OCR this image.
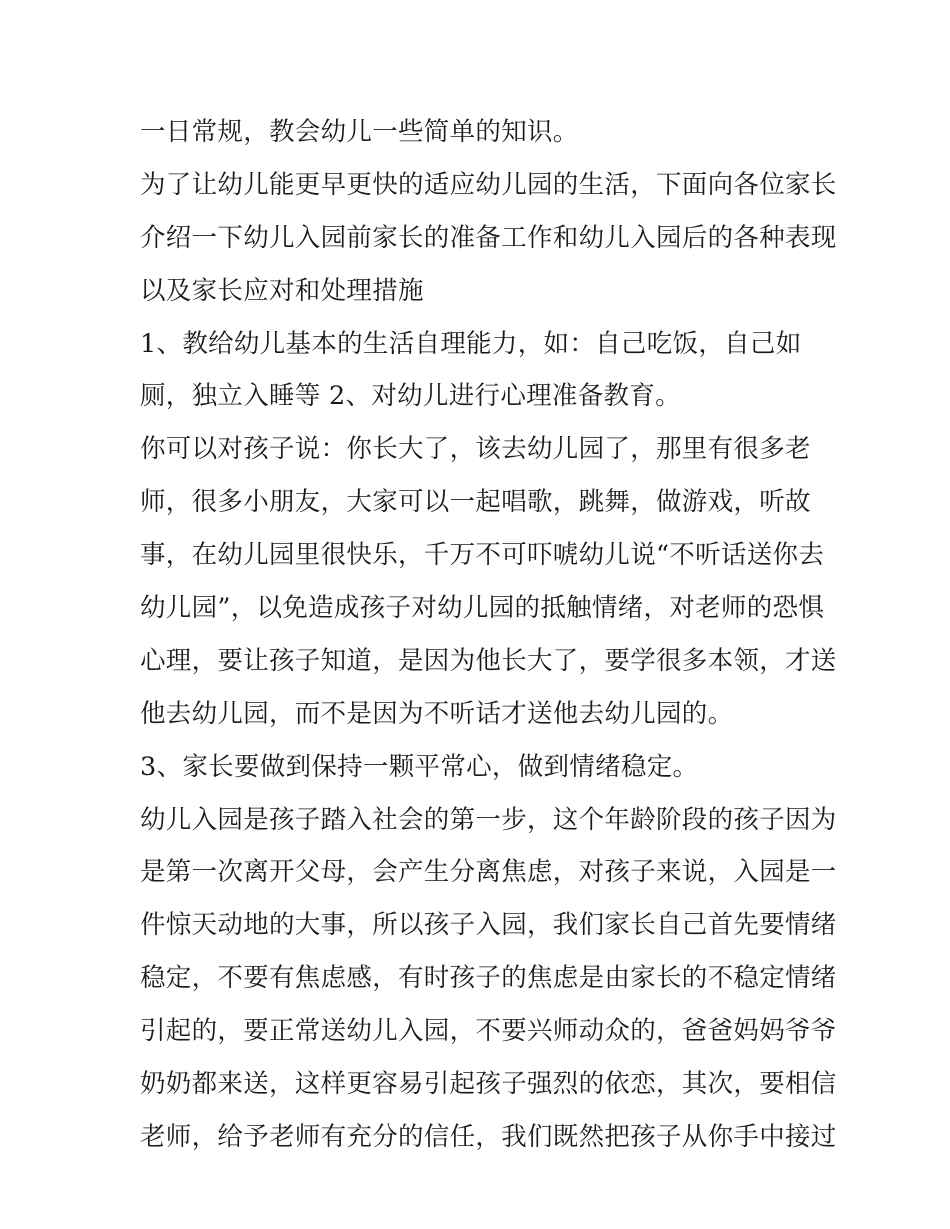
一日常规，教会幼儿一些简单的知识。
为了让幼儿能更早更快的适应幼儿园的生活，下面向各位家长
介绍一下幼儿入园前家长的准备工作和幼儿入园后的各种表现
以及家长应对和处理措施
1、教给幼儿基本的生活自理能力，如：自己吃饭，自己如
厕，独立入睡等 2、对幼儿进行心理准备教育。
你可以对孩子说：你长大了，该去幼儿园了，那里有很多老
师，很多小朋友，大家可以一起唱歌，跳舞，做游戏，听故
事，在幼儿园里很快乐，千万不可吓唬幼儿说“不听话送你去
幼儿园”，以免造成孩子对幼儿园的抵触情绪，对老师的恐惧
心理，要让孩子知道，是因为他长大了，要学很多本领，才送
他去幼儿园，而不是因为不听话才送他去幼儿园的。
3、家长要做到保持一颗平常心，做到情绪稳定。
幼儿入园是孩子踏入社会的第一步，这个年龄阶段的孩子因为
是第一次离开父母，会产生分离焦虑，对孩子来说，入园是一
件惊天动地的大事，所以孩子入园，我们家长自己首先要情绪
稳定，不要有焦虑感，有时孩子的焦虑是由家长的不稳定情绪
引起的，要正常送幼儿入园，不要兴师动众的，爸爸妈妈爷爷
奶奶都来送，这样更容易引起孩子强烈的依恋，其次，要相信
老师，给予老师有充分的信任，我们既然把孩子从你手中接过
